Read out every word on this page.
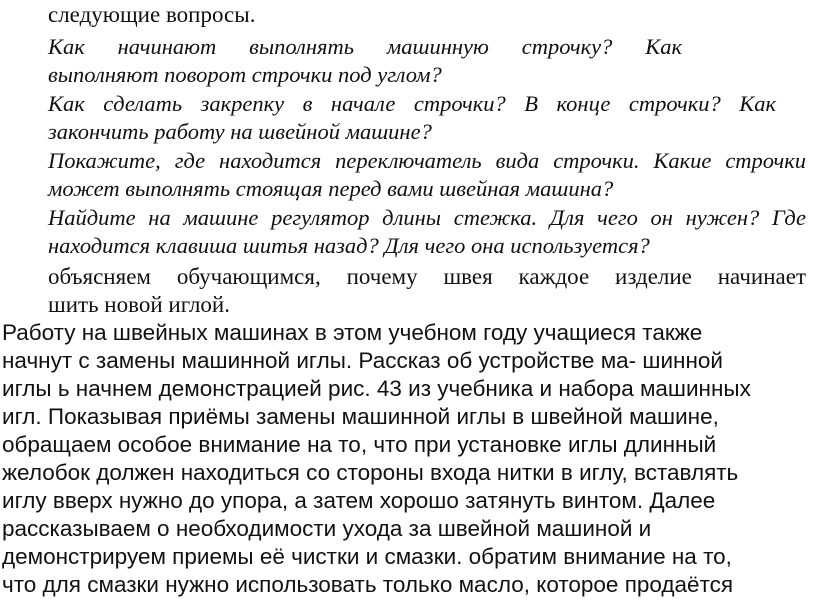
следующие вопросы.
Как начинают выполнять машинную строчку? Как
выполняют поворот строчки под углом?
Как сделать закрепку в начале строчки? В конце строчки? Как
закончить работу на швейной машине?
Покажите, где находится переключатель вида строчки. Какие строчки
может выполнять стоящая перед вами швейная машина?
Найдите на машине регулятор длины стежка. Для чего он нужен? Где
находится клавиша шитья назад? Для чего она используется?
объясняем обучающимся, почему швея каждое изделие начинает
шить новой иглой.
Работу на швейных машинах в этом учебном году учащиеся также
начнут с замены машинной иглы. Рассказ об устройстве ма- шинной
иглы ь начнем демонстрацией рис. 43 из учебника и набора машинных
игл. Показывая приёмы замены машинной иглы в швейной машине,
обращаем особое внимание на то, что при установке иглы длинный
желобок должен находиться со стороны входа нитки в иглу, вставлять
иглу вверх нужно до упора, а затем хорошо затянуть винтом. Далее
рассказываем о необходимости ухода за швейной машиной и
демонстрируем приемы её чистки и смазки. обратим внимание на то,
что для смазки нужно использовать только масло, которое продаётся
